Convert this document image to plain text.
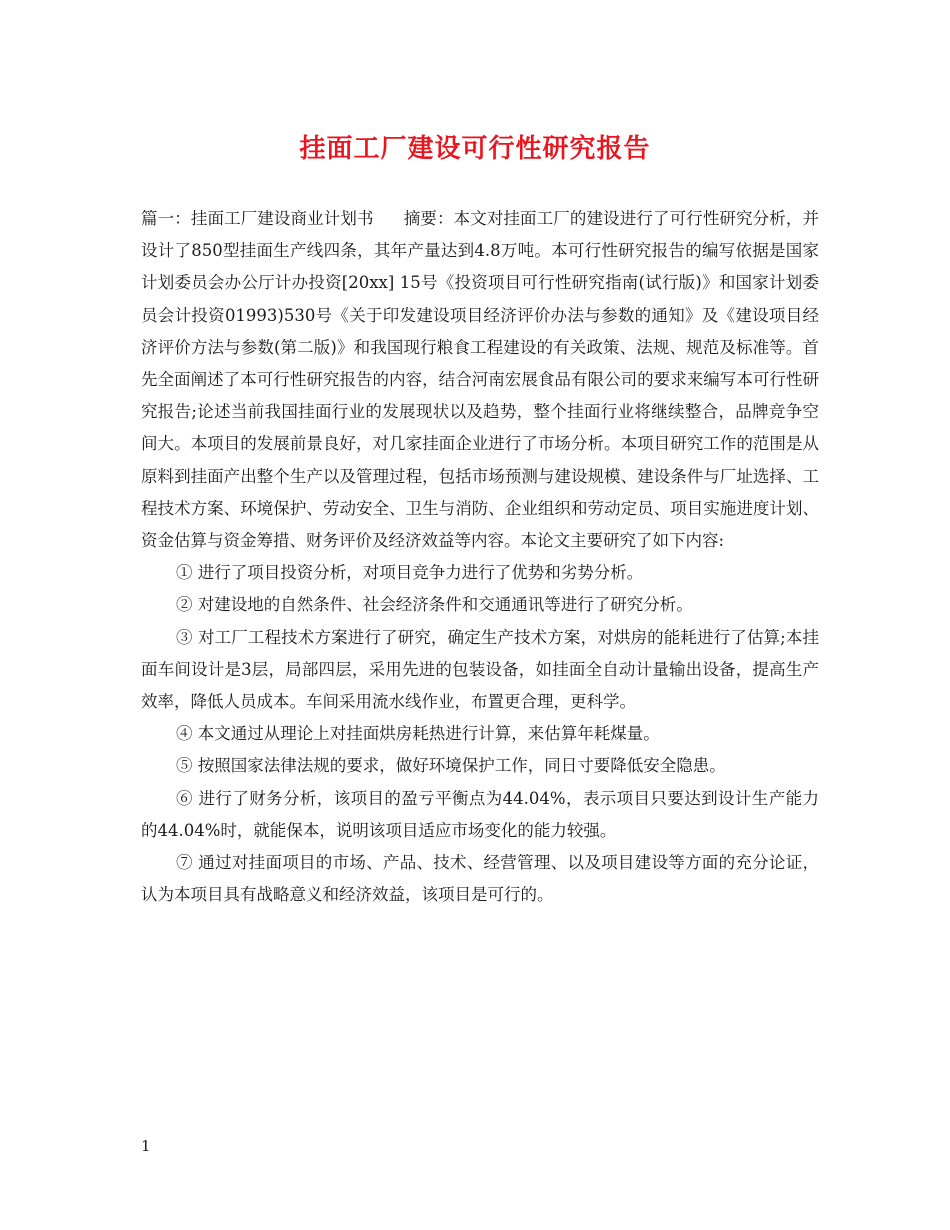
挂面工厂建设可行性研究报告

篇一：挂面工厂建设商业计划书 摘要：本文对挂面工厂的建设进行了可行性研究分析，并设计了850型挂面生产线四条，其年产量达到4.8万吨。本可行性研究报告的编写依据是国家计划委员会办公厅计办投资[20xx] 15号《投资项目可行性研究指南(试行版)》和国家计划委员会计投资01993)530号《关于印发建设项目经济评价办法与参数的通知》及《建设项目经济评价方法与参数(第二版)》和我国现行粮食工程建设的有关政策、法规、规范及标准等。首先全面阐述了本可行性研究报告的内容，结合河南宏展食品有限公司的要求来编写本可行性研究报告;论述当前我国挂面行业的发展现状以及趋势，整个挂面行业将继续整合，品牌竞争空间大。本项目的发展前景良好，对几家挂面企业进行了市场分析。本项目研究工作的范围是从原料到挂面产出整个生产以及管理过程，包括市场预测与建设规模、建设条件与厂址选择、工程技术方案、环境保护、劳动安全、卫生与消防、企业组织和劳动定员、项目实施进度计划、资金估算与资金筹措、财务评价及经济效益等内容。本论文主要研究了如下内容:

① 进行了项目投资分析，对项目竞争力进行了优势和劣势分析。

② 对建设地的自然条件、社会经济条件和交通通讯等进行了研究分析。

③ 对工厂工程技术方案进行了研究，确定生产技术方案，对烘房的能耗进行了估算;本挂面车间设计是3层，局部四层，采用先进的包装设备，如挂面全自动计量输出设备，提高生产效率，降低人员成本。车间采用流水线作业，布置更合理，更科学。

④ 本文通过从理论上对挂面烘房耗热进行计算，来估算年耗煤量。

⑤ 按照国家法律法规的要求，做好环境保护工作，同日寸要降低安全隐患。

⑥ 进行了财务分析，该项目的盈亏平衡点为44.04%，表示项目只要达到设计生产能力的44.04%时，就能保本，说明该项目适应市场变化的能力较强。

⑦ 通过对挂面项目的市场、产品、技术、经营管理、以及项目建设等方面的充分论证，认为本项目具有战略意义和经济效益，该项目是可行的。

1
